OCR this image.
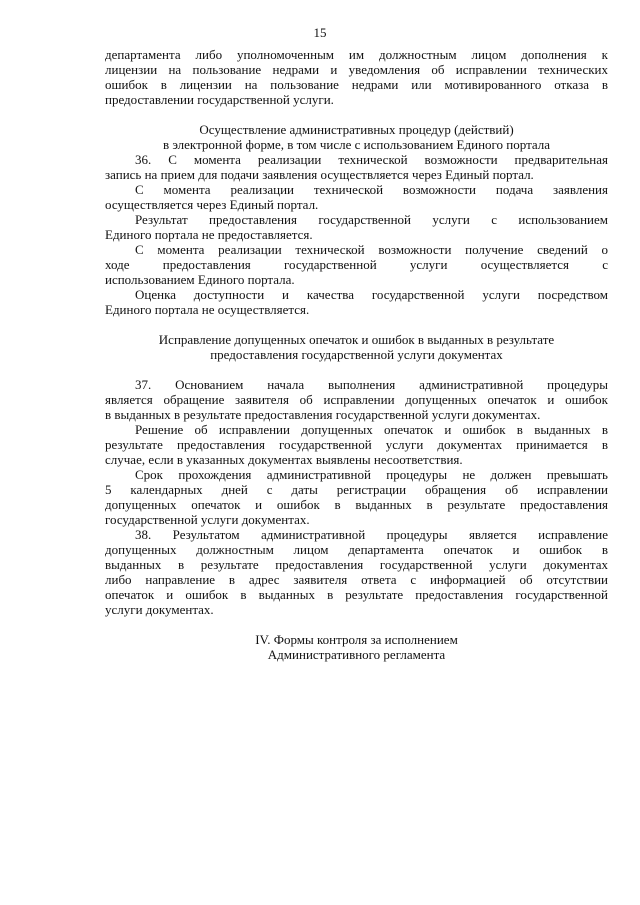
15
департамента либо уполномоченным им должностным лицом дополнения к
лицензии на пользование недрами и уведомления об исправлении технических
ошибок в лицензии на пользование недрами или мотивированного отказа в
предоставлении государственной услуги.
Осуществление административных процедур (действий)
в электронной форме, в том числе с использованием Единого портала
36. С момента реализации технической возможности предварительная
запись на прием для подачи заявления осуществляется через Единый портал.
С момента реализации технической возможности подача заявления
осуществляется через Единый портал.
Результат предоставления государственной услуги с использованием
Единого портала не предоставляется.
С момента реализации технической возможности получение сведений о
ходе предоставления государственной услуги осуществляется с
использованием Единого портала.
Оценка доступности и качества государственной услуги посредством
Единого портала не осуществляется.
Исправление допущенных опечаток и ошибок в выданных в результате
предоставления государственной услуги документах
37. Основанием начала выполнения административной процедуры
является обращение заявителя об исправлении допущенных опечаток и ошибок
в выданных в результате предоставления государственной услуги документах.
Решение об исправлении допущенных опечаток и ошибок в выданных в
результате предоставления государственной услуги документах принимается в
случае, если в указанных документах выявлены несоответствия.
Срок прохождения административной процедуры не должен превышать
5 календарных дней с даты регистрации обращения об исправлении
допущенных опечаток и ошибок в выданных в результате предоставления
государственной услуги документах.
38. Результатом административной процедуры является исправление
допущенных должностным лицом департамента опечаток и ошибок в
выданных в результате предоставления государственной услуги документах
либо направление в адрес заявителя ответа с информацией об отсутствии
опечаток и ошибок в выданных в результате предоставления государственной
услуги документах.
IV. Формы контроля за исполнением
Административного регламента
